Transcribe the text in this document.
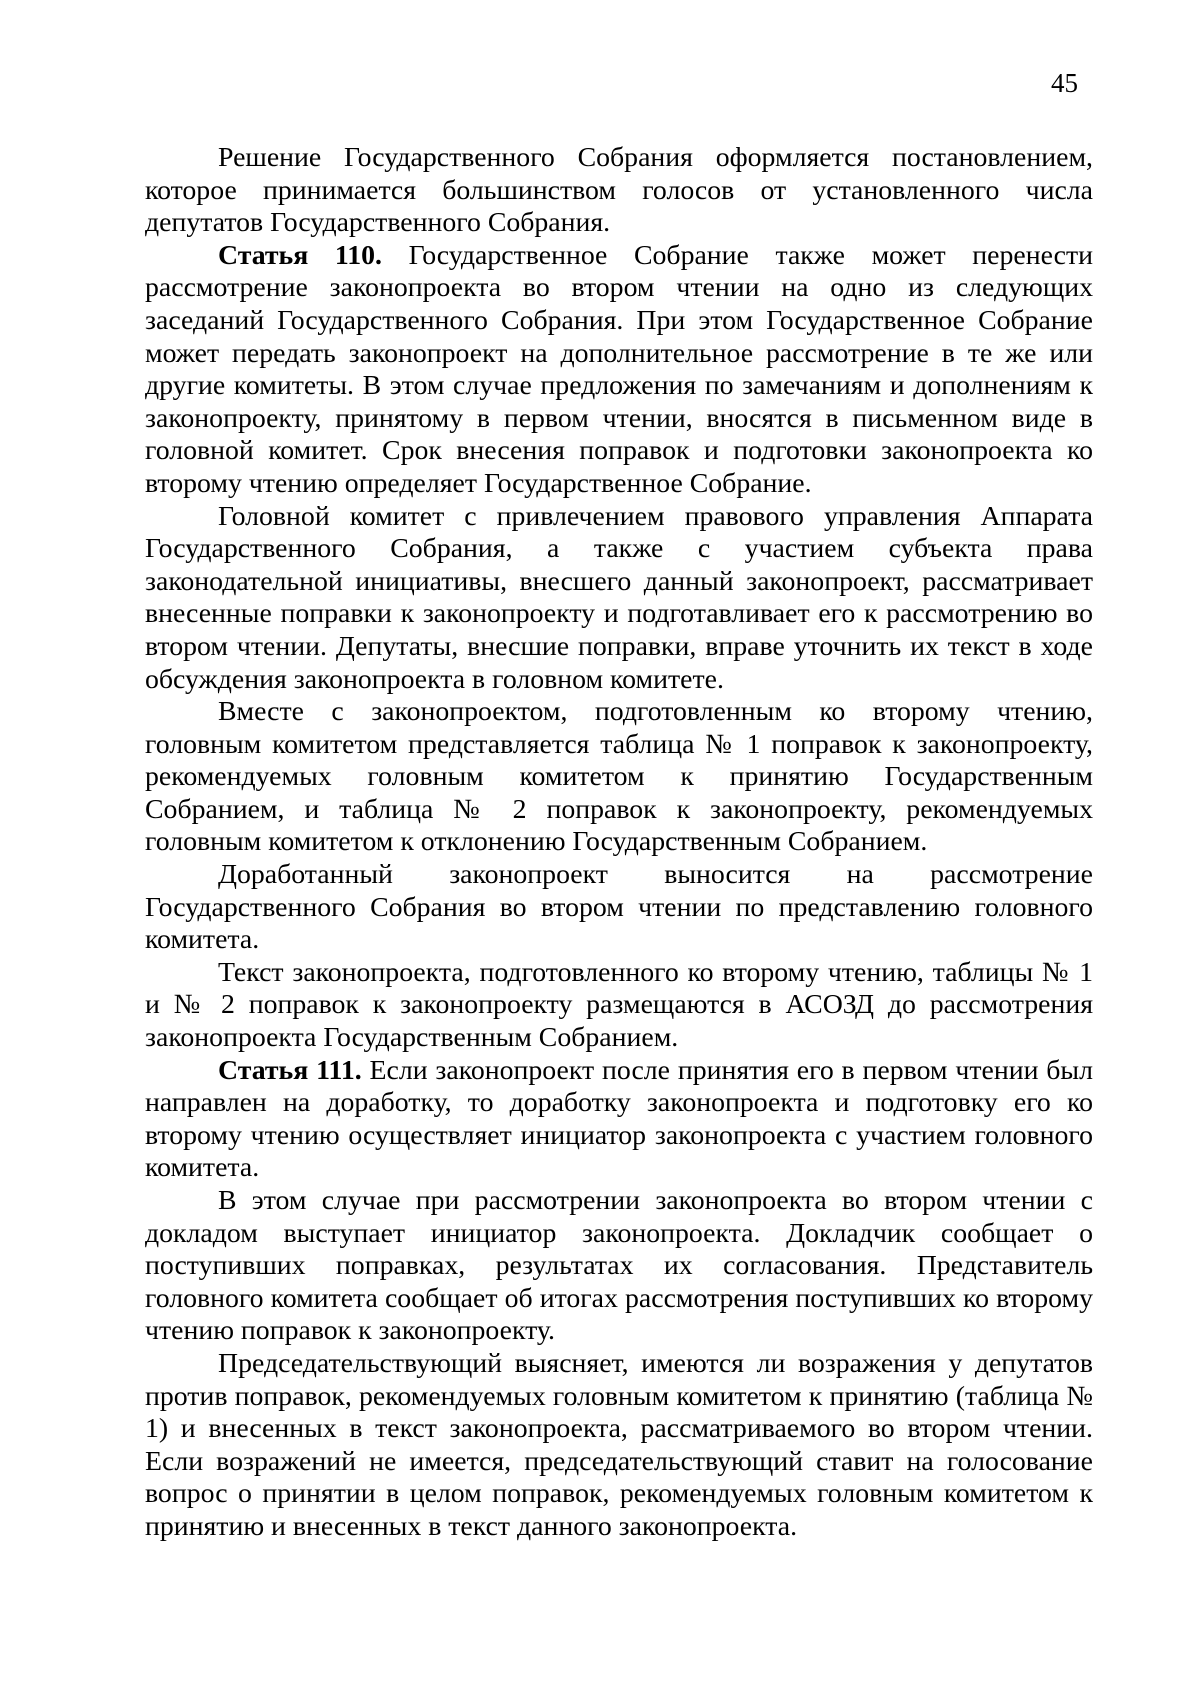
45

Решение Государственного Собрания оформляется постановлением, которое принимается большинством голосов от установленного числа депутатов Государственного Собрания.

Статья 110. Государственное Собрание также может перенести рассмотрение законопроекта во втором чтении на одно из следующих заседаний Государственного Собрания. При этом Государственное Собрание может передать законопроект на дополнительное рассмотрение в те же или другие комитеты. В этом случае предложения по замечаниям и дополнениям к законопроекту, принятому в первом чтении, вносятся в письменном виде в головной комитет. Срок внесения поправок и подготовки законопроекта ко второму чтению определяет Государственное Собрание.

Головной комитет с привлечением правового управления Аппарата Государственного Собрания, а также с участием субъекта права законодательной инициативы, внесшего данный законопроект, рассматривает внесенные поправки к законопроекту и подготавливает его к рассмотрению во втором чтении. Депутаты, внесшие поправки, вправе уточнить их текст в ходе обсуждения законопроекта в головном комитете.

Вместе с законопроектом, подготовленным ко второму чтению, головным комитетом представляется таблица № 1 поправок к законопроекту, рекомендуемых головным комитетом к принятию Государственным Собранием, и таблица № 2 поправок к законопроекту, рекомендуемых головным комитетом к отклонению Государственным Собранием.

Доработанный законопроект выносится на рассмотрение Государственного Собрания во втором чтении по представлению головного комитета.

Текст законопроекта, подготовленного ко второму чтению, таблицы № 1 и № 2 поправок к законопроекту размещаются в АСОЗД до рассмотрения законопроекта Государственным Собранием.

Статья 111. Если законопроект после принятия его в первом чтении был направлен на доработку, то доработку законопроекта и подготовку его ко второму чтению осуществляет инициатор законопроекта с участием головного комитета.

В этом случае при рассмотрении законопроекта во втором чтении с докладом выступает инициатор законопроекта. Докладчик сообщает о поступивших поправках, результатах их согласования. Представитель головного комитета сообщает об итогах рассмотрения поступивших ко второму чтению поправок к законопроекту.

Председательствующий выясняет, имеются ли возражения у депутатов против поправок, рекомендуемых головным комитетом к принятию (таблица № 1) и внесенных в текст законопроекта, рассматриваемого во втором чтении. Если возражений не имеется, председательствующий ставит на голосование вопрос о принятии в целом поправок, рекомендуемых головным комитетом к принятию и внесенных в текст данного законопроекта.
